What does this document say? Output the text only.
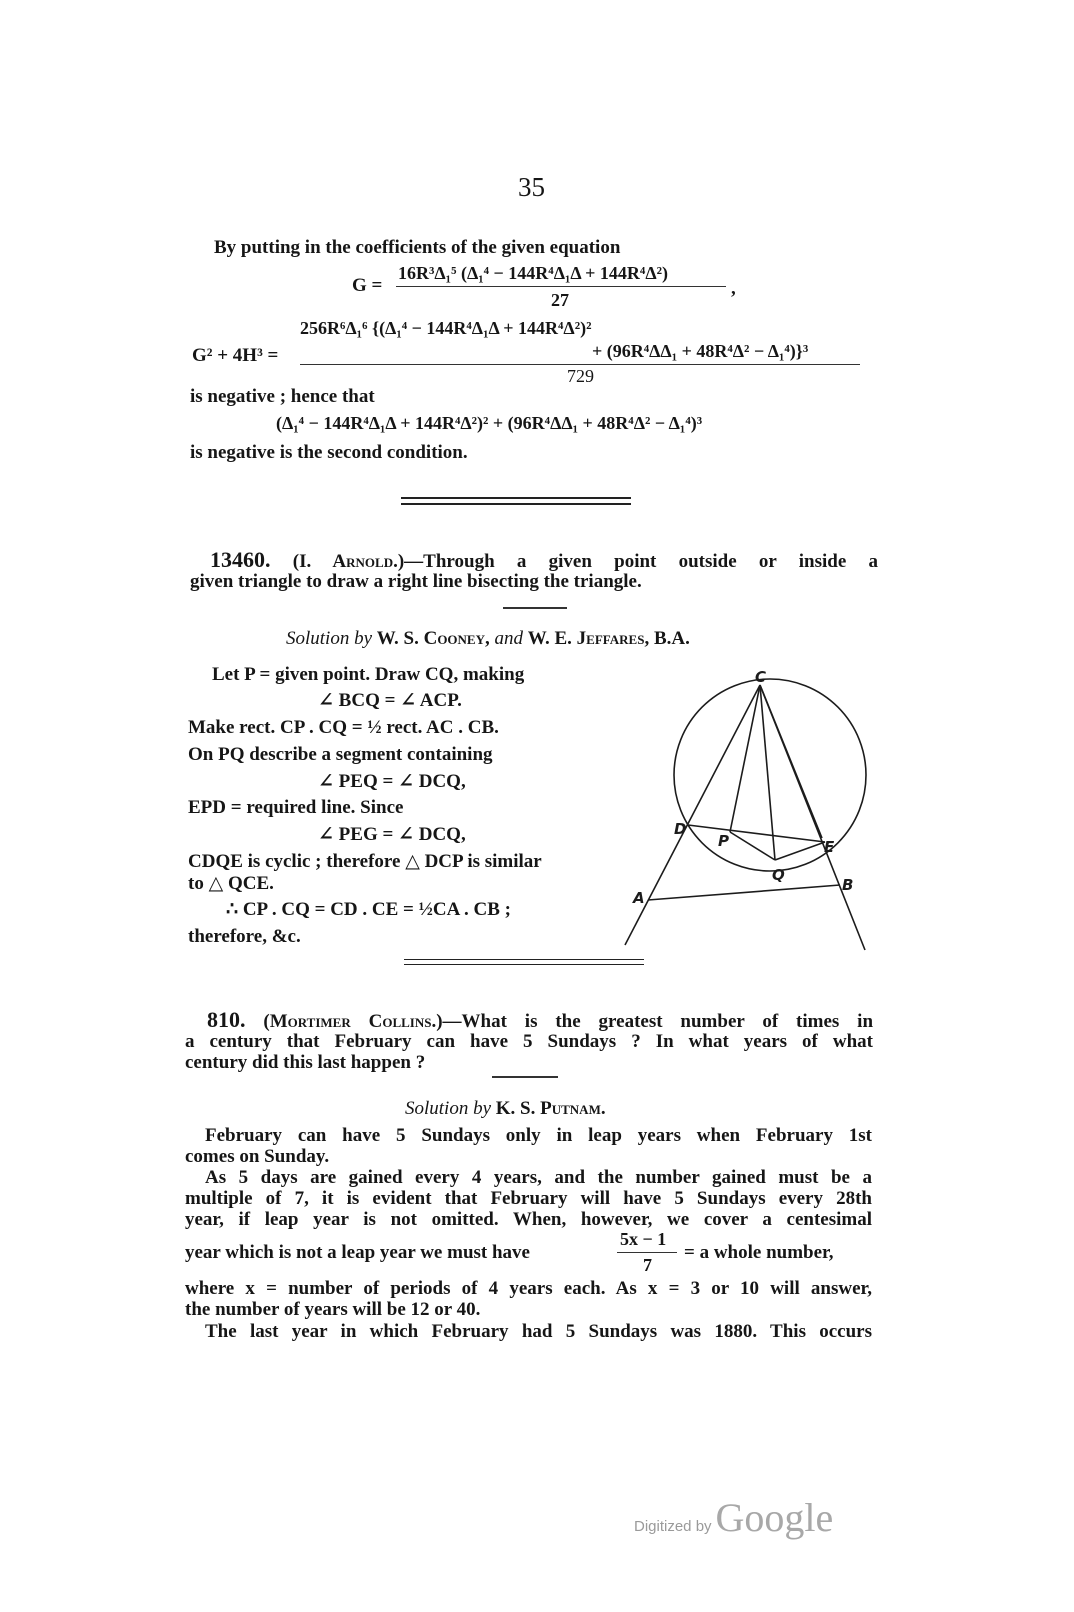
35
By putting in the coefficients of the given equation
G =
16R³Δ₁⁵ (Δ₁⁴ − 144R⁴Δ₁Δ + 144R⁴Δ²)
27
,
256R⁶Δ₁⁶ {(Δ₁⁴ − 144R⁴Δ₁Δ + 144R⁴Δ²)²
G² + 4H³ =	+ (96R⁴ΔΔ₁ + 48R⁴Δ² − Δ₁⁴)}³
729
is negative ; hence that
(Δ₁⁴ − 144R⁴Δ₁Δ + 144R⁴Δ²)² + (96R⁴ΔΔ₁ + 48R⁴Δ² − Δ₁⁴)³
is negative is the second condition.
13460. (I. Arnold.)—Through a given point outside or inside a
given triangle to draw a right line bisecting the triangle.
Solution by W. S. Cooney, and W. E. Jeffares, B.A.
Let P = given point. Draw CQ, making
∠ BCQ = ∠ ACP.
Make rect. CP . CQ = ½ rect. AC . CB.
On PQ describe a segment containing
∠ PEQ = ∠ DCQ,
EPD = required line. Since
∠ PEG = ∠ DCQ,
CDQE is cyclic ; therefore △ DCP is similar
to △ QCE.
∴ CP . CQ = CD . CE = ½CA . CB ;
therefore, &c.
C
D
P	E
Q
A
B
810. (Mortimer Collins.)—What is the greatest number of times in
a century that February can have 5 Sundays ? In what years of what
century did this last happen ?
Solution by K. S. Putnam.
February can have 5 Sundays only in leap years when February 1st
comes on Sunday.
As 5 days are gained every 4 years, and the number gained must be a
multiple of 7, it is evident that February will have 5 Sundays every 28th
year, if leap year is not omitted. When, however, we cover a centesimal
year which is not a leap year we must have
5x − 1
7
= a whole number,
where x = number of periods of 4 years each. As x = 3 or 10 will answer,
the number of years will be 12 or 40.
The last year in which February had 5 Sundays was 1880. This occurs
Digitized by Google
